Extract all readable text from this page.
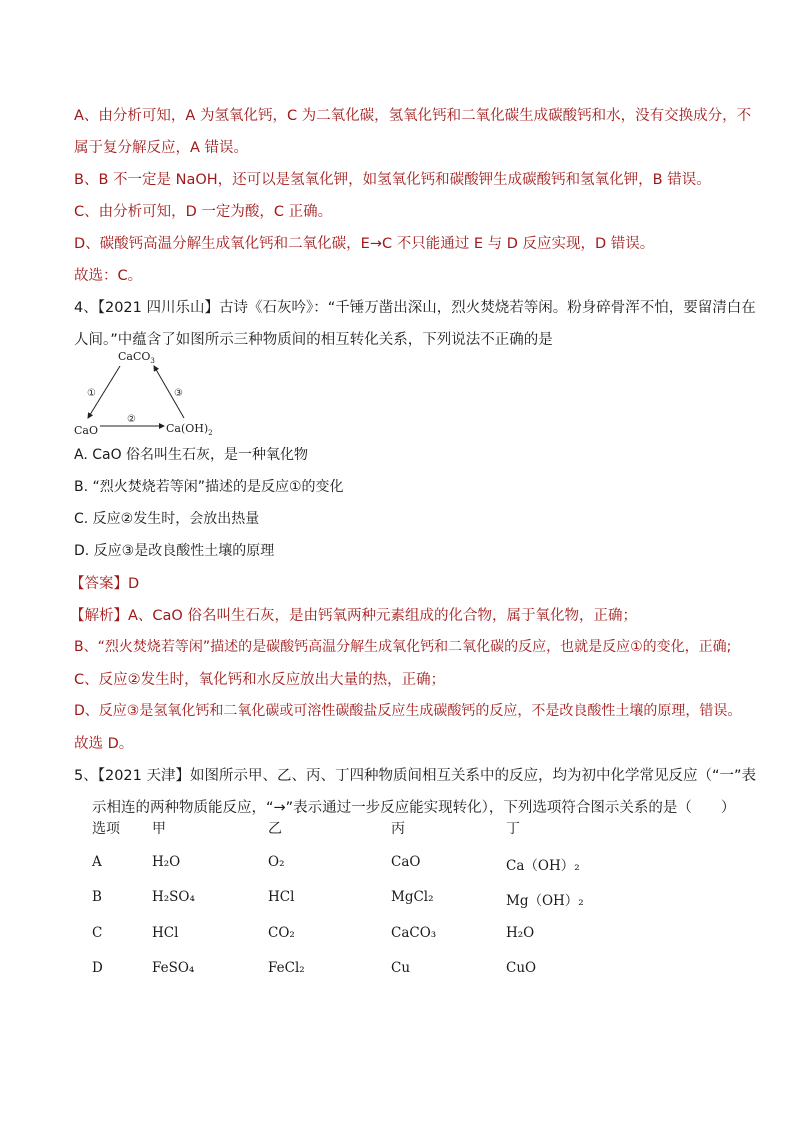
A、由分析可知，A 为氢氧化钙，C 为二氧化碳，氢氧化钙和二氧化碳生成碳酸钙和水，没有交换成分，不
属于复分解反应，A 错误。
B、B 不一定是 NaOH，还可以是氢氧化钾，如氢氧化钙和碳酸钾生成碳酸钙和氢氧化钾，B 错误。
C、由分析可知，D 一定为酸，C 正确。
D、碳酸钙高温分解生成氧化钙和二氧化碳，E→C 不只能通过 E 与 D 反应实现，D 错误。
故选：C。
4、【2021 四川乐山】古诗《石灰吟》：“千锤万凿出深山，烈火焚烧若等闲。粉身碎骨浑不怕，要留清白在
人间。”中蕴含了如图所示三种物质间的相互转化关系，下列说法不正确的是
CaCO$_3$
CaO	$Ca(OH)_2$
①
②
③
A. CaO 俗名叫生石灰，是一种氧化物
B. “烈火焚烧若等闲”描述的是反应①的变化
C. 反应②发生时，会放出热量
D. 反应③是改良酸性土壤的原理
【答案】D
【解析】A、CaO 俗名叫生石灰，是由钙氧两种元素组成的化合物，属于氧化物，正确；
B、“烈火焚烧若等闲”描述的是碳酸钙高温分解生成氧化钙和二氧化碳的反应，也就是反应①的变化，正确;
C、反应②发生时，氧化钙和水反应放出大量的热，正确；
D、反应③是氢氧化钙和二氧化碳或可溶性碳酸盐反应生成碳酸钙的反应，不是改良酸性土壤的原理，错误。
故选 D。
5、【2021 天津】如图所示甲、乙、丙、丁四种物质间相互关系中的反应，均为初中化学常见反应（“一”表
示相连的两种物质能反应，“→”表示通过一步反应能实现转化），下列选项符合图示关系的是（　　）
选项 甲	乙	丙	丁
A	H₂O	O₂	CaO	Ca（OH）₂
B	H₂SO₄	HCl	MgCl₂	Mg（OH）₂
C	HCl	CO₂	CaCO₃	H₂O
D	FeSO₄	FeCl₂	Cu	CuO
